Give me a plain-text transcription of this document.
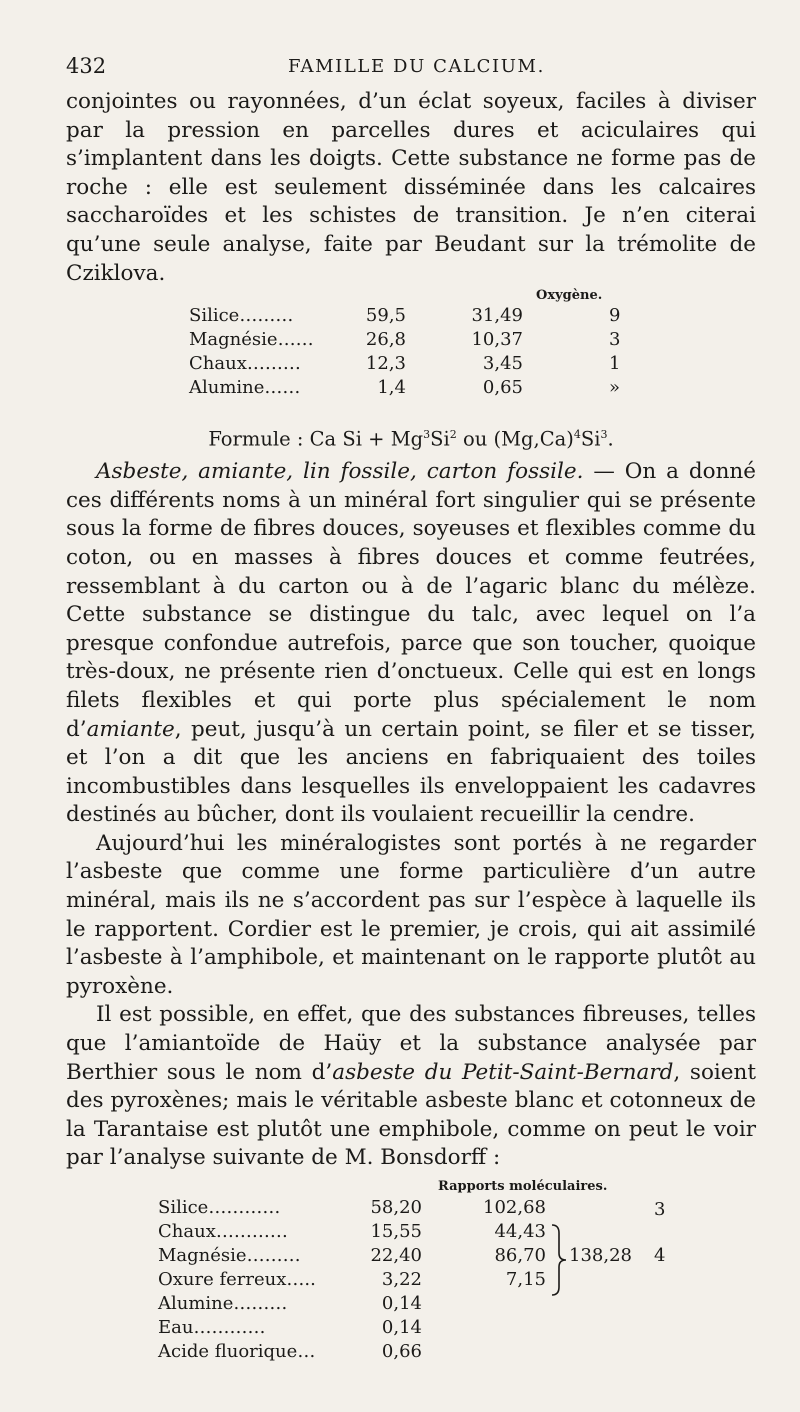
432	FAMILLE DU CALCIUM.

conjointes ou rayonnées, d’un éclat soyeux, faciles à diviser par la pression en parcelles dures et aciculaires qui s’implantent dans les doigts. Cette substance ne forme pas de roche : elle est seulement disséminée dans les calcaires saccharoïdes et les schistes de transition. Je n’en citerai qu’une seule analyse, faite par Beudant sur la trémolite de Cziklova.

Oxygène.
Silice………	59,5	31,49	9
Magnésie……	26,8	10,37	3
Chaux………	12,3	3,45	1
Alumine……	1,4	0,65	»
Formule : Ca $Si + Mg^3Si^2$ ou $(Mg,Ca)^4Si^3$.

Asbeste, amiante, lin fossile, carton fossile. — On a donné ces différents noms à un minéral fort singulier qui se présente sous la forme de fibres douces, soyeuses et flexibles comme du coton, ou en masses à fibres douces et comme feutrées, ressemblant à du carton ou à de l’agaric blanc du mélèze. Cette substance se distingue du talc, avec lequel on l’a presque confondue autrefois, parce que son toucher, quoique très-doux, ne présente rien d’onctueux. Celle qui est en longs filets flexibles et qui porte plus spécialement le nom d’amiante, peut, jusqu’à un certain point, se filer et se tisser, et l’on a dit que les anciens en fabriquaient des toiles incombustibles dans lesquelles ils enveloppaient les cadavres destinés au bûcher, dont ils voulaient recueillir la cendre.

Aujourd’hui les minéralogistes sont portés à ne regarder l’asbeste que comme une forme particulière d’un autre minéral, mais ils ne s’accordent pas sur l’espèce à laquelle ils le rapportent. Cordier est le premier, je crois, qui ait assimilé l’asbeste à l’amphibole, et maintenant on le rapporte plutôt au pyroxène.

Il est possible, en effet, que des substances fibreuses, telles que l’amiantoïde de Haüy et la substance analysée par Berthier sous le nom d’asbeste du Petit-Saint-Bernard, soient des pyroxènes; mais le véritable asbeste blanc et cotonneux de la Tarantaise est plutôt une emphibole, comme on peut le voir par l’analyse suivante de M. Bonsdorff :

Rapports moléculaires.
Silice…………	58,20	102,68	3
Chaux…………	15,55	44,43
Magnésie………	22,40	86,70 138,28 4
Oxure ferreux…..	3,22	7,15
Alumine………	0,14
Eau…………	0,14
Acide fluorique…	0,66
